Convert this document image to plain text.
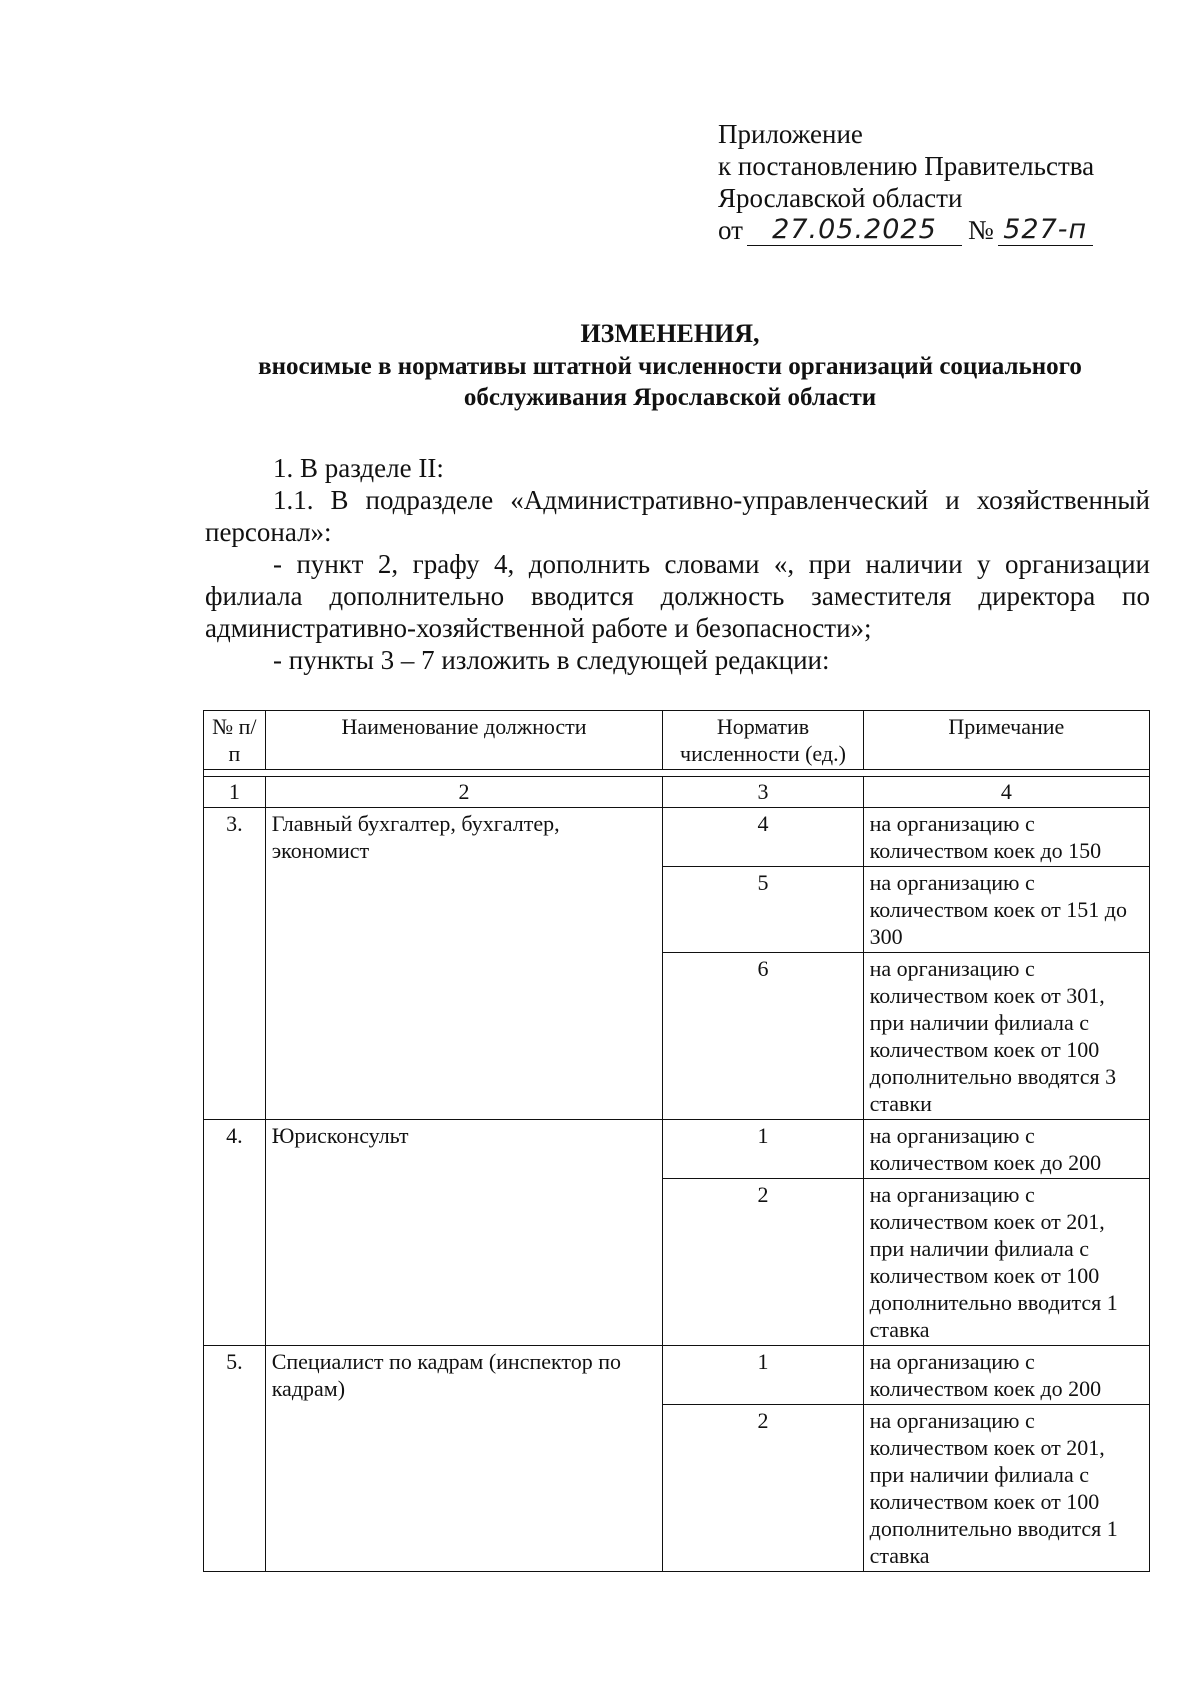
Приложение
к постановлению Правительства
Ярославской области
от	27.05.2025	№ 527-п
ИЗМЕНЕНИЯ,
вносимые в нормативы штатной численности организаций социального
обслуживания Ярославской области

1. В разделе II:

1.1. В подразделе «Административно-управленческий и хозяйственный персонал»:

- пункт 2, графу 4, дополнить словами «, при наличии у организации филиала дополнительно вводится должность заместителя директора по административно-хозяйственной работе и безопасности»;

- пункты 3 – 7 изложить в следующей редакции:

№ п/п	Наименование должности	Норматив численности (ед.)	Примечание

1	2	3	4
3.	Главный бухгалтер, бухгалтер, экономист	4	на организацию с количеством коек до 150
		5	на организацию с количеством коек от 151 до 300
		6	на организацию с количеством коек от 301, при наличии филиала с количеством коек от 100 дополнительно вводятся 3 ставки
4.	Юрисконсульт	1	на организацию с количеством коек до 200
		2	на организацию с количеством коек от 201, при наличии филиала с количеством коек от 100 дополнительно вводится 1 ставка
5.	Специалист по кадрам (инспектор по кадрам)	1	на организацию с количеством коек до 200
		2	на организацию с количеством коек от 201, при наличии филиала с количеством коек от 100 дополнительно вводится 1 ставка
